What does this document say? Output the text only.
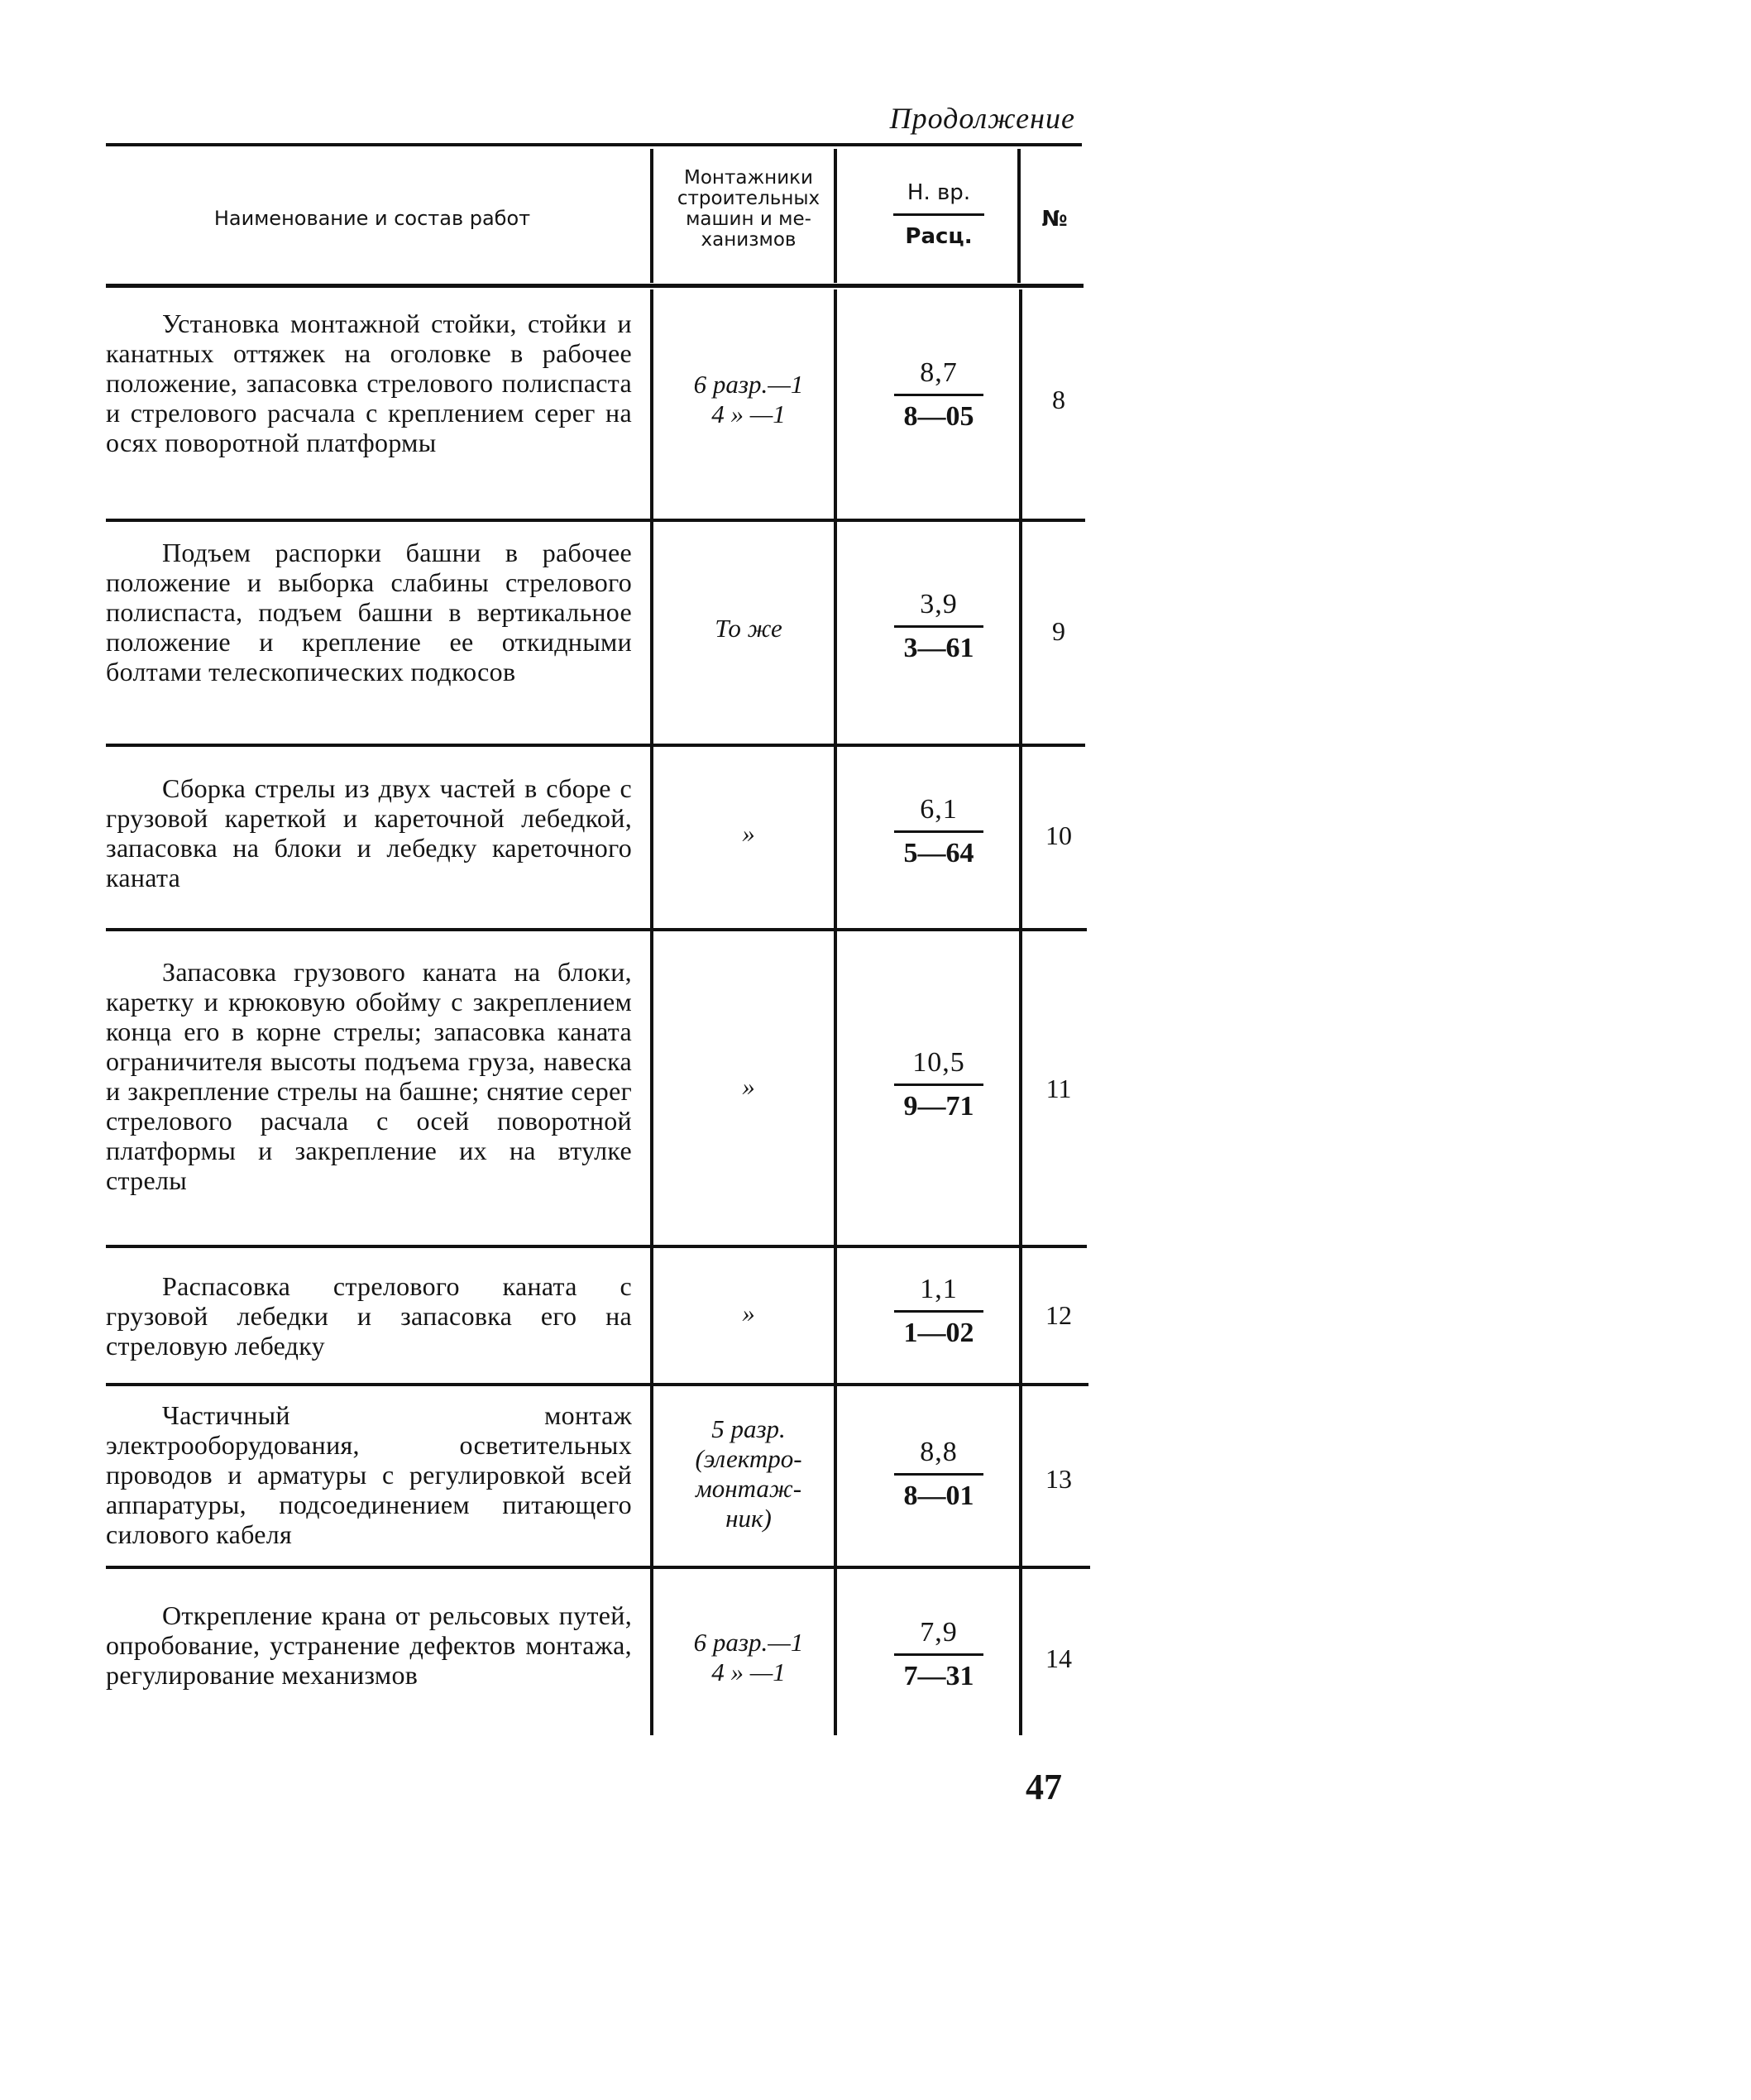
Продолжение
Наименование и состав работ
Монтажники
строительных
машин и ме-
ханизмов
Н. вр.
Расц.
№
Установка монтажной стойки, стойки и канатных оттяжек на оголовке в рабочее положение, запасовка стрелового полиспаста и стрелового расчала с креплением серег на осях поворотной платформы
6 разр.—1
4 » —1
8,7
8—05
8
Подъем распорки башни в рабочее положение и выборка слабины стрелового полиспаста, подъем башни в вертикальное положение и крепление ее откидными болтами телескопических подкосов
То же
3,9
3—61
9
Сборка стрелы из двух частей в сборе с грузовой кареткой и кареточной лебедкой, запасовка на блоки и лебедку кареточного каната
»
6,1
5—64
10
Запасовка грузового каната на блоки, каретку и крюковую обойму с закреплением конца его в корне стрелы; запасовка каната ограничителя высоты подъема груза, навеска и закрепление стрелы на башне; снятие серег стрелового расчала с осей поворотной платформы и закрепление их на втулке стрелы
»
10,5
9—71
11
Распасовка стрелового каната с грузовой лебедки и запасовка его на стреловую лебедку
»
1,1
1—02
12
Частичный монтаж электрооборудования, осветительных проводов и арматуры с регулировкой всей аппаратуры, подсоединением питающего силового кабеля
5 разр.
(электро-
монтаж-
ник)
8,8
8—01
13
Открепление крана от рельсовых путей, опробование, устранение дефектов монтажа, регулирование механизмов
6 разр.—1
4 » —1
7,9
7—31
14
47
